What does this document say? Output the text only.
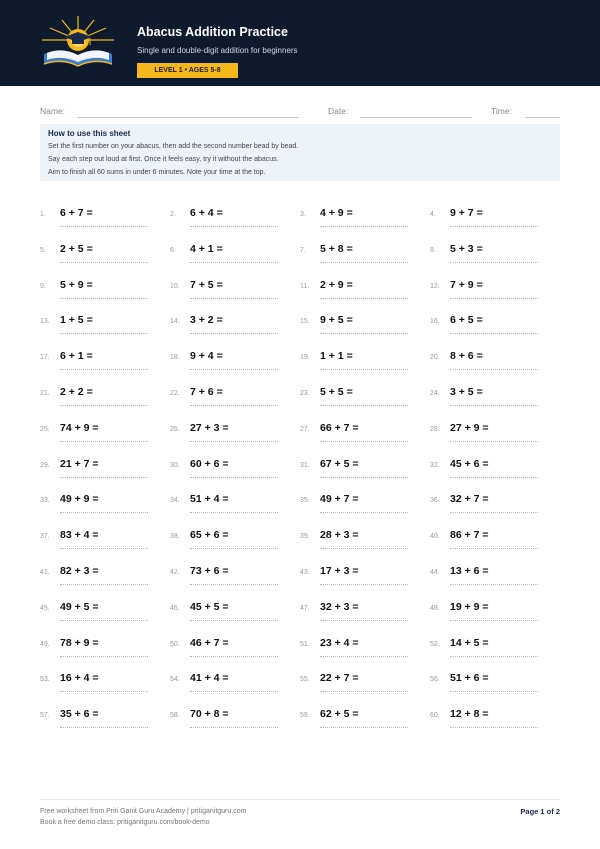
Abacus Addition Practice
Single and double-digit addition for beginners
LEVEL 1 • AGES 5-8
Name:	Date:	Time:
How to use this sheet
Set the first number on your abacus, then add the second number bead by bead.
Say each step out loud at first. Once it feels easy, try it without the abacus.
Aim to finish all 60 sums in under 6 minutes. Note your time at the top.
1. 6 + 7 =	2. 6 + 4 =	3. 4 + 9 =	4. 9 + 7 =
5. 2 + 5 =	6. 4 + 1 =	7. 5 + 8 =	8. 5 + 3 =
9. 5 + 9 =	10. 7 + 5 =	11. 2 + 9 =	12. 7 + 9 =
13. 1 + 5 =	14. 3 + 2 =	15. 9 + 5 =	16. 6 + 5 =
17. 6 + 1 =	18. 9 + 4 =	19. 1 + 1 =	20. 8 + 6 =
21. 2 + 2 =	22. 7 + 6 =	23. 5 + 5 =	24. 3 + 5 =
25. 74 + 9 =	26. 27 + 3 =	27. 66 + 7 =	28. 27 + 9 =
29. 21 + 7 =	30. 60 + 6 =	31. 67 + 5 =	32. 45 + 6 =
33. 49 + 9 =	34. 51 + 4 =	35. 49 + 7 =	36. 32 + 7 =
37. 83 + 4 =	38. 65 + 6 =	39. 28 + 3 =	40. 86 + 7 =
41. 82 + 3 =	42. 73 + 6 =	43. 17 + 3 =	44. 13 + 6 =
45. 49 + 5 =	46. 45 + 5 =	47. 32 + 3 =	48. 19 + 9 =
49. 78 + 9 =	50. 46 + 7 =	51. 23 + 4 =	52. 14 + 5 =
53. 16 + 4 =	54. 41 + 4 =	55. 22 + 7 =	56. 51 + 6 =
57. 35 + 6 =	58. 70 + 8 =	59. 62 + 5 =	60. 12 + 8 =
Free worksheet from Priti Ganit Guru Academy | pritiganitguru.com
Book a free demo class: pritiganitguru.com/book-demo
Page 1 of 2
